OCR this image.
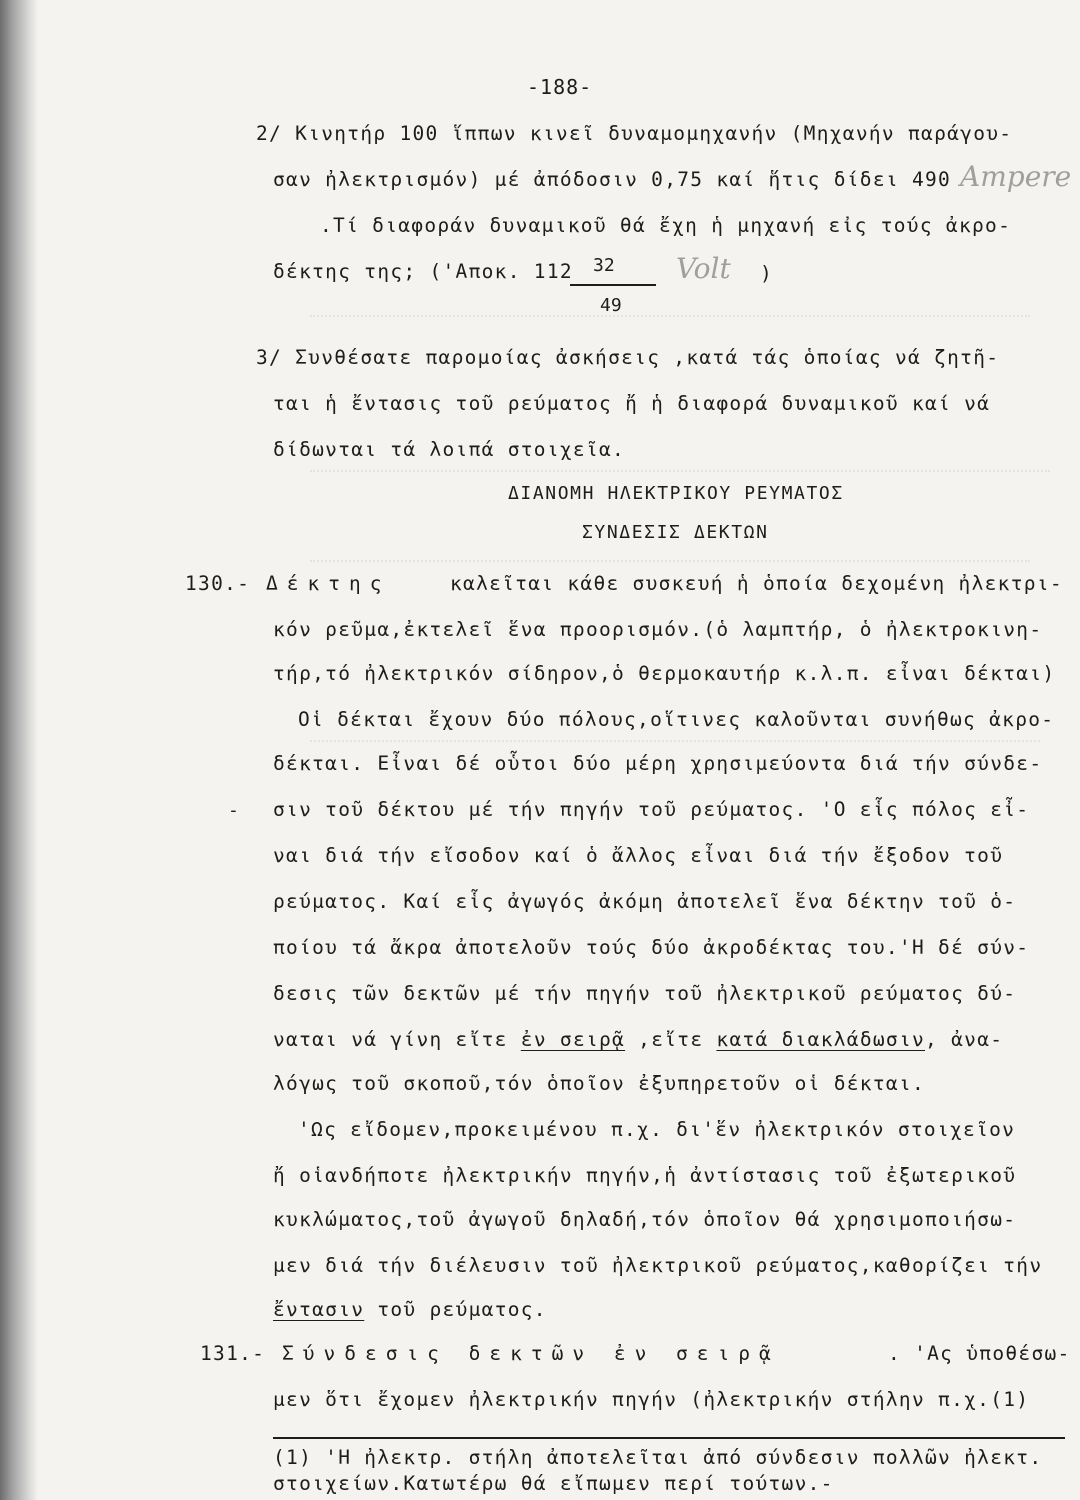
-188-
2/ Κινητήρ 100 ἵππων κινεῖ δυναμομηχανήν (Μηχανήν παράγου-
σαν ἠλεκτρισμόν) μέ ἀπόδοσιν 0,75 καί ἥτις δίδει 490 Ampere
.Τί διαφοράν δυναμικοῦ θά ἔχη ἡ μηχανή εἰς τούς ἀκρο-
δέκτης της; ('Απoκ. 112 32
49
Volt )
3/ Συνθέσατε παρομοίας ἀσκήσεις ,κατά τάς ὁποίας νά ζητῆ-
ται ἡ ἔντασις τοῦ ρεύματος ἤ ἡ διαφορά δυναμικοῦ καί νά
δίδωνται τά λοιπά στοιχεῖα.
ΔΙΑΝΟΜΗ ΗΛΕΚΤΡΙΚΟΥ ΡΕΥΜΑΤΟΣ
ΣΥΝΔΕΣΙΣ ΔΕΚΤΩΝ
130.- Δέκτης	καλεῖται κάθε συσκευή ἡ ὁποία δεχομένη ἠλεκτρι-
κόν ρεῦμα,ἐκτελεῖ ἕνα προορισμόν.(ὁ λαμπτήρ, ὁ ἠλεκτροκινη-
τήρ,τό ἠλεκτρικόν σίδηρον,ὁ θερμοκαυτήρ κ.λ.π. εἶναι δέκται)
Οἱ δέκται ἔχουν δύο πόλους,οἵτινες καλοῦνται συνήθως ἀκρο-
δέκται. Εἶναι δέ οὗτοι δύο μέρη χρησιμεύοντα διά τήν σύνδε-
- σιν τοῦ δέκτου μέ τήν πηγήν τοῦ ρεύματος. 'Ο εἷς πόλος εἶ-
ναι διά τήν εἴσοδον καί ὁ ἄλλος εἶναι διά τήν ἔξοδον τοῦ
ρεύματος. Καί εἷς ἀγωγός ἀκόμη ἀποτελεῖ ἕνα δέκτην τοῦ ὁ-
ποίου τά ἄκρα ἀποτελοῦν τούς δύο ἀκροδέκτας του.'Η δέ σύν-
δεσις τῶν δεκτῶν μέ τήν πηγήν τοῦ ἠλεκτρικοῦ ρεύματος δύ-
ναται νά γίνη εἴτε ἐν σειρᾷ ,εἴτε κατά διακλάδωσιν, ἀνα-
λόγως τοῦ σκοποῦ,τόν ὁποῖον ἐξυπηρετοῦν οἱ δέκται.
'Ως εἴδομεν,προκειμένου π.χ. δι'ἕν ἠλεκτρικόν στοιχεῖον
ἤ οἱανδήποτε ἠλεκτρικήν πηγήν,ἡ ἀντίστασις τοῦ ἐξωτερικοῦ
κυκλώματος,τοῦ ἀγωγοῦ δηλαδή,τόν ὁποῖον θά χρησιμοποιήσω-
μεν διά τήν διέλευσιν τοῦ ἠλεκτρικοῦ ρεύματος,καθορίζει τήν
ἔντασιν τοῦ ρεύματος.
131.- Σύνδεσις δεκτῶν ἐν σειρᾷ	. 'Ας ὑποθέσω-
μεν ὅτι ἔχομεν ἠλεκτρικήν πηγήν (ἠλεκτρικήν στήλην π.χ.(1)
(1) 'Η ἠλεκτρ. στήλη ἀποτελεῖται ἀπό σύνδεσιν πολλῶν ἠλεκτ.
στοιχείων.Κατωτέρω θά εἴπωμεν περί τούτων.-
